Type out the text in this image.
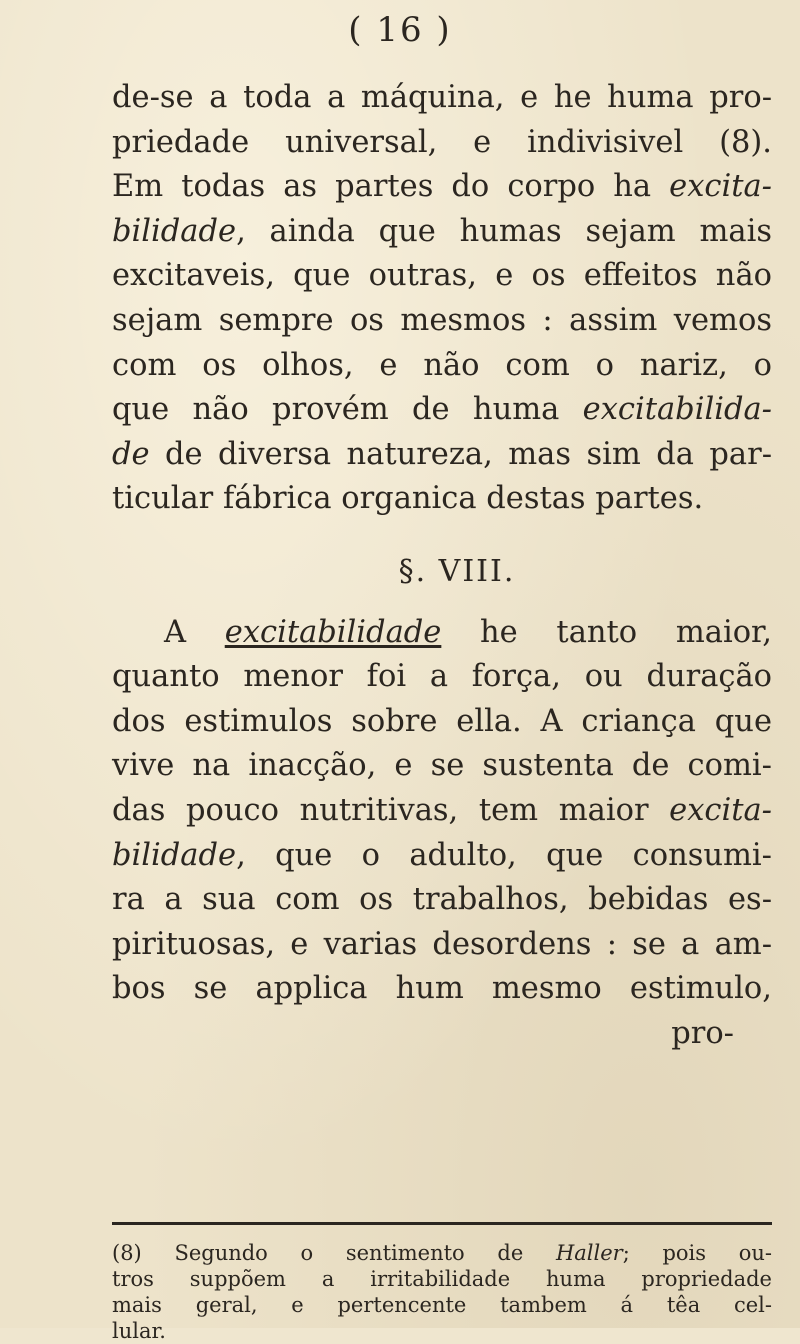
( 16 )
de-se a toda a máquina, e he huma pro-
priedade universal, e indivisivel (8).
Em todas as partes do corpo ha excita-
bilidade, ainda que humas sejam mais
excitaveis, que outras, e os effeitos não
sejam sempre os mesmos : assim vemos
com os olhos, e não com o nariz, o
que não provém de huma excitabilida-
de de diversa natureza, mas sim da par-
ticular fábrica organica destas partes.
§. VIII.
A excitabilidade he tanto maior,
quanto menor foi a força, ou duração
dos estimulos sobre ella. A criança que
vive na inacção, e se sustenta de comi-
das pouco nutritivas, tem maior excita-
bilidade, que o adulto, que consumi-
ra a sua com os trabalhos, bebidas es-
pirituosas, e varias desordens : se a am-
bos se applica hum mesmo estimulo,
pro-
(8) Segundo o sentimento de Haller; pois ou-
tros suppõem a irritabilidade huma propriedade
mais geral, e pertencente tambem á têa cel-
lular.
